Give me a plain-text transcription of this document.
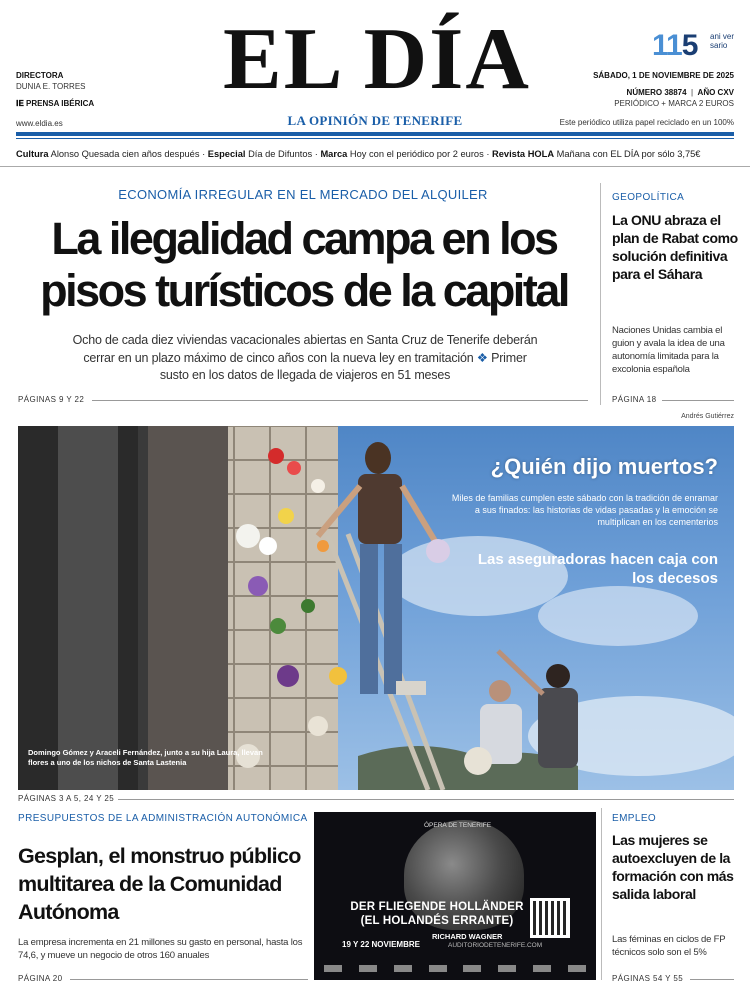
DIRECTORA
DUNIA E. TORRES
𝐈𝐄 PRENSA IBÉRICA
www.eldia.es
EL DÍA
LA OPINIÓN DE TENERIFE
115 ani ver sario
SÁBADO, 1 DE NOVIEMBRE DE 2025
NÚMERO 38874  |  AÑO CXV
PERIÓDICO + MARCA 2 EUROS
Este periódico utiliza papel reciclado en un 100%
Cultura Alonso Quesada cien años después · Especial Día de Difuntos · Marca Hoy con el periódico por 2 euros · Revista HOLA Mañana con EL DÍA por sólo 3,75€
ECONOMÍA IRREGULAR EN EL MERCADO DEL ALQUILER
La ilegalidad campa en los
pisos turísticos de la capital
Ocho de cada diez viviendas vacacionales abiertas en Santa Cruz de Tenerife deberán cerrar en un plazo máximo de cinco años con la nueva ley en tramitación ❖ Primer susto en los datos de llegada de viajeros en 51 meses
PÁGINAS 9 Y 22
GEOPOLÍTICA
La ONU abraza el plan de Rabat como solución definitiva para el Sáhara
Naciones Unidas cambia el guion y avala la idea de una autonomía limitada para la excolonia española
PÁGINA 18
Andrés Gutiérrez
¿Quién dijo muertos?
Miles de familias cumplen este sábado con la tradición de enramar a sus finados: las historias de vidas pasadas y la emoción se multiplican en los cementerios
Las aseguradoras hacen caja con los decesos
Domingo Gómez y Araceli Fernández, junto a su hija Laura, llevan flores a uno de los nichos de Santa Lastenia
PÁGINAS 3 A 5, 24 Y 25
PRESUPUESTOS DE LA ADMINISTRACIÓN AUTONÓMICA
Gesplan, el monstruo público multitarea de la Comunidad Autónoma
La empresa incrementa en 21 millones su gasto en personal, hasta los 74,6, y mueve un negocio de otros 160 anuales
PÁGINA 20
ÓPERA DE TENERIFE
DER FLIEGENDE HOLLÄNDER (EL HOLANDÉS ERRANTE)
RICHARD WAGNER
19 Y 22 NOVIEMBRE	AUDITORIODETENERIFE.COM
EMPLEO
Las mujeres se autoexcluyen de la formación con más salida laboral
Las féminas en ciclos de FP técnicos solo son el 5%
PÁGINAS 54 Y 55
